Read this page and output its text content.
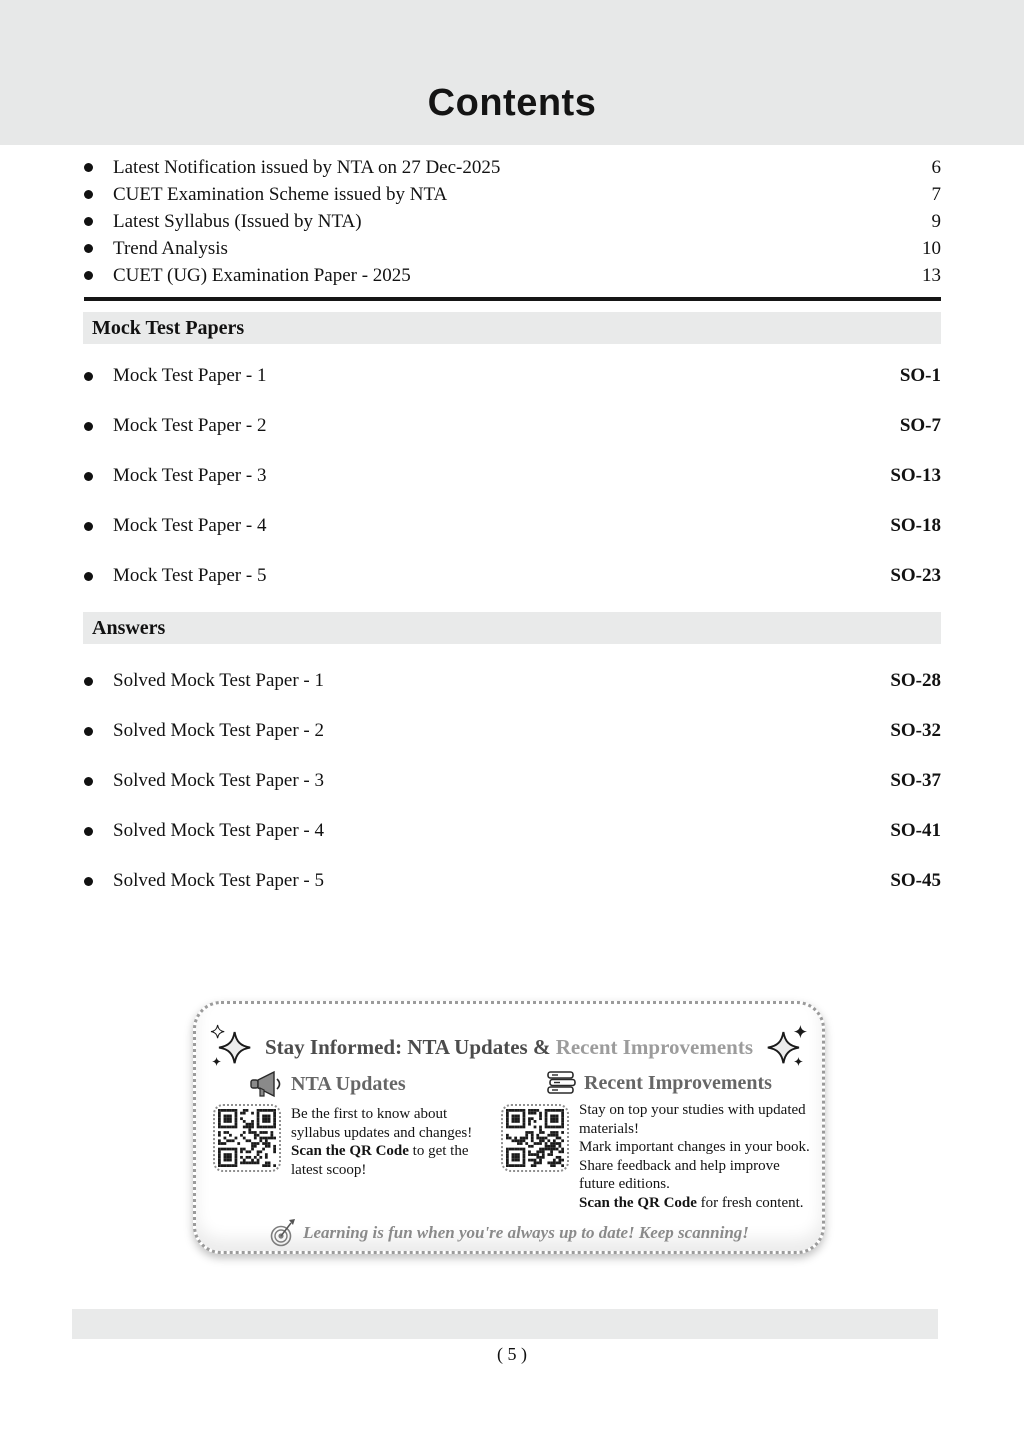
Contents
Latest Notification issued by NTA on 27 Dec-2025	6
CUET Examination Scheme issued by NTA	7
Latest Syllabus (Issued by NTA)	9
Trend Analysis	10
CUET (UG) Examination Paper - 2025	13
Mock Test Papers
Mock Test Paper - 1	SO-1
Mock Test Paper - 2	SO-7
Mock Test Paper - 3	SO-13
Mock Test Paper - 4	SO-18
Mock Test Paper - 5	SO-23
Answers
Solved Mock Test Paper - 1	SO-28
Solved Mock Test Paper - 2	SO-32
Solved Mock Test Paper - 3	SO-37
Solved Mock Test Paper - 4	SO-41
Solved Mock Test Paper - 5	SO-45
Stay Informed: NTA Updates & Recent Improvements
NTA Updates	Recent Improvements
Be the first to know about
syllabus updates and changes!
Scan the QR Code to get the
latest scoop!
Stay on top your studies with updated
materials!
Mark important changes in your book.
Share feedback and help improve
future editions.
Scan the QR Code for fresh content.
Learning is fun when you're always up to date! Keep scanning!
( 5 )
